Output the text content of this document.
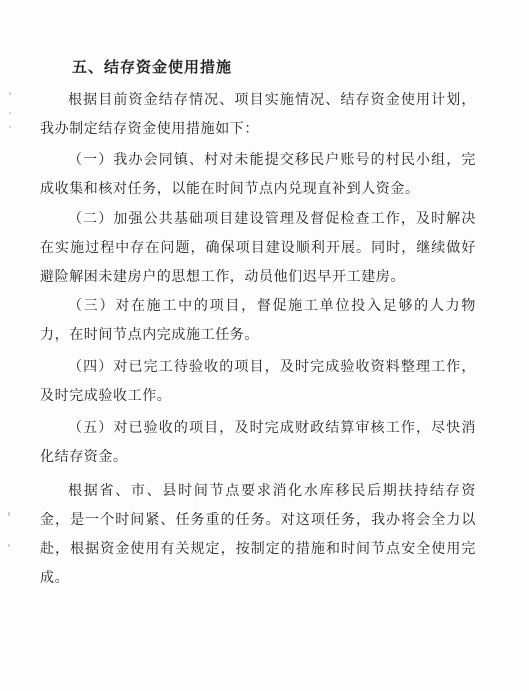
五、结存资金使用措施

根据目前资金结存情况、项目实施情况、结存资金使用计划，我办制定结存资金使用措施如下：

（一）我办会同镇、村对未能提交移民户账号的村民小组，完成收集和核对任务，以能在时间节点内兑现直补到人资金。

（二）加强公共基础项目建设管理及督促检查工作，及时解决在实施过程中存在问题，确保项目建设顺利开展。同时，继续做好避险解困未建房户的思想工作，动员他们迟早开工建房。

（三）对在施工中的项目，督促施工单位投入足够的人力物力，在时间节点内完成施工任务。

（四）对已完工待验收的项目，及时完成验收资料整理工作，及时完成验收工作。

（五）对已验收的项目，及时完成财政结算审核工作，尽快消化结存资金。

根据省、市、县时间节点要求消化水库移民后期扶持结存资金，是一个时间紧、任务重的任务。对这项任务，我办将会全力以赴，根据资金使用有关规定，按制定的措施和时间节点安全使用完成。
